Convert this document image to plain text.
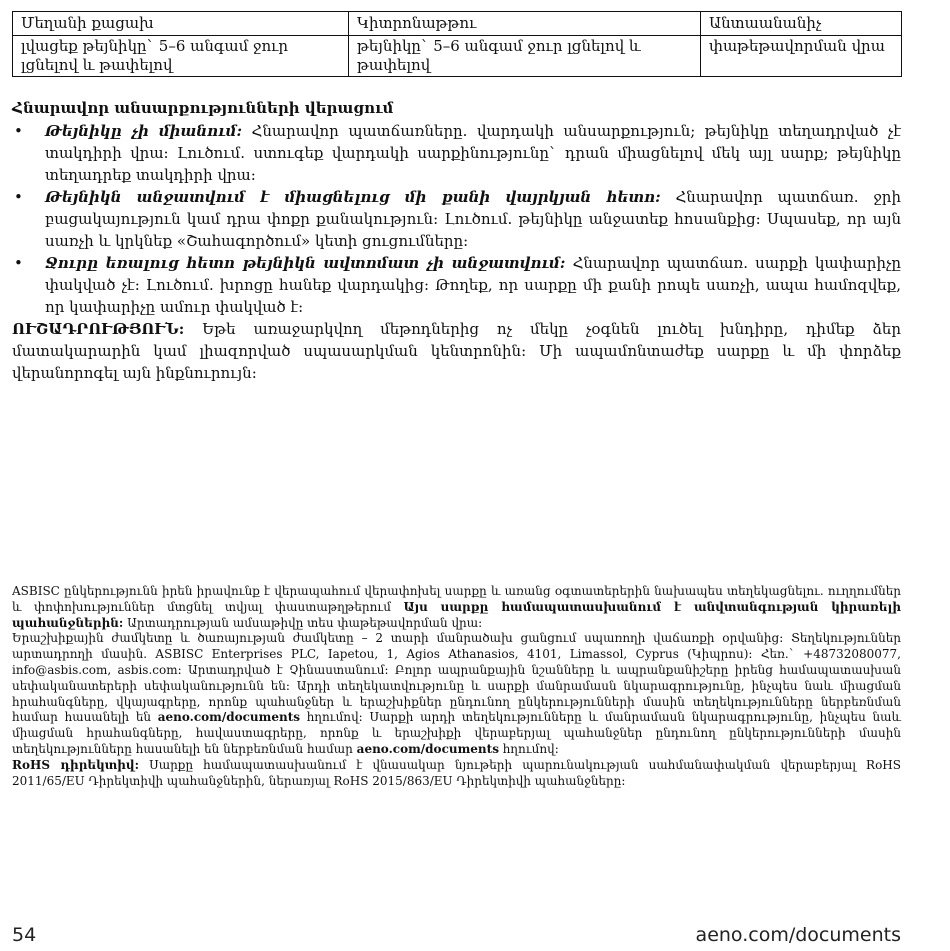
Մեղանի քացախ	Կիտրոնաթթու	Անտաանանիչ
լվացեք թեյնիկը` 5–6 անգամ ջուր լցնելով և թափելով	թեյնիկը` 5–6 անգամ ջուր լցնելով և թափելով	փաթեթավորման վրա
Հնարավոր անսարքությունների վերացում
• Թեյնիկը չի միանում: Հնարավոր պատճառները. վարդակի անսարքություն; թեյնիկը տեղադրված չէ տակդիրի վրա։ Լուծում. ստուգեք վարդակի սարքինությունը` դրան միացնելով մեկ այլ սարք; թեյնիկը տեղադրեք տակդիրի վրա։
• Թեյնիկն անջատվում է միացնելուց մի քանի վայրկյան հետո: Հնարավոր պատճառ. ջրի բացակայություն կամ դրա փոքր քանակություն։ Լուծում. թեյնիկը անջատեք հոսանքից։ Սպասեք, որ այն սառչի և կրկնեք «Շահագործում» կետի ցուցումները։
• Ջուրը եռալուց հետո թեյնիկն ավտոմատ չի անջատվում: Հնարավոր պատճառ. սարքի կափարիչը փակված չէ։ Լուծում. խրոցը հանեք վարդակից։ Թողեք, որ սարքը մի քանի րոպե սառչի, ապա համոզվեք, որ կափարիչը ամուր փակված է։
ՈՒՇԱԴՐՈՒԹՅՈՒՆ: Եթե առաջարկվող մեթոդներից ոչ մեկը չօգնեն լուծել խնդիրը, դիմեք ձեր մատակարարին կամ լիազորված սպասարկման կենտրոնին։ Մի ապամոնտաժեք սարքը և մի փորձեք վերանորոգել այն ինքնուրույն։

ASBISC ընկերությունն իրեն իրավունք է վերապահում վերափոխել սարքը և առանց օգտատերերին նախապես տեղեկացնելու. ուղղումներ և փոփոխություններ մտցնել տվյալ փաստաթղթերում Այս սարքը համապատասխանում է անվտանգության կիրառելի պահանջներին: Արտադրության ամսաթիվը տես փաթեթավորման վրա։

Երաշխիքային ժամկետը և ծառայության ժամկետը – 2 տարի մանրածախ ցանցում սպառողի վաճառքի օրվանից։ Տեղեկություններ արտադրողի մասին. ASBISC Enterprises PLC, Iapetou, 1, Agios Athanasios, 4101, Limassol, Cyprus (Կիպրոս)։ Հեռ.` +48732080077, info@asbis.com, asbis.com։ Արտադրված է Չինաստանում։ Բոլոր ապրանքային նշանները և ապրանքանիշերը իրենց համապատասխան սեփականատերերի սեփականությունն են։ Արդի տեղեկատվությունը և սարքի մանրամասն նկարագրությունը, ինչպես նաև միացման հրահանգները, վկայագրերը, որոնք պահանջներ և երաշխիքներ ընդունող ընկերությունների մասին տեղեկությունները ներբեռնման համար հասանելի են aeno.com/documents հղումով։ Սարքի արդի տեղեկությունները և մանրամասն նկարագրությունը, ինչպես նաև միացման հրահանգները, հավաստագրերը, որոնք և երաշխիքի վերաբերյալ պահանջներ ընդունող ընկերությունների մասին տեղեկությունները հասանելի են ներբեռնման համար aeno.com/documents հղումով։

RoHS դիրեկտիվ: Սարքը համապատասխանում է վնասակար նյութերի պարունակության սահմանափակման վերաբերյալ RoHS 2011/65/EU Դիրեկտիվի պահանջներին, ներառյալ RoHS 2015/863/EU Դիրեկտիվի պահանջները։

54	aeno.com/documents
